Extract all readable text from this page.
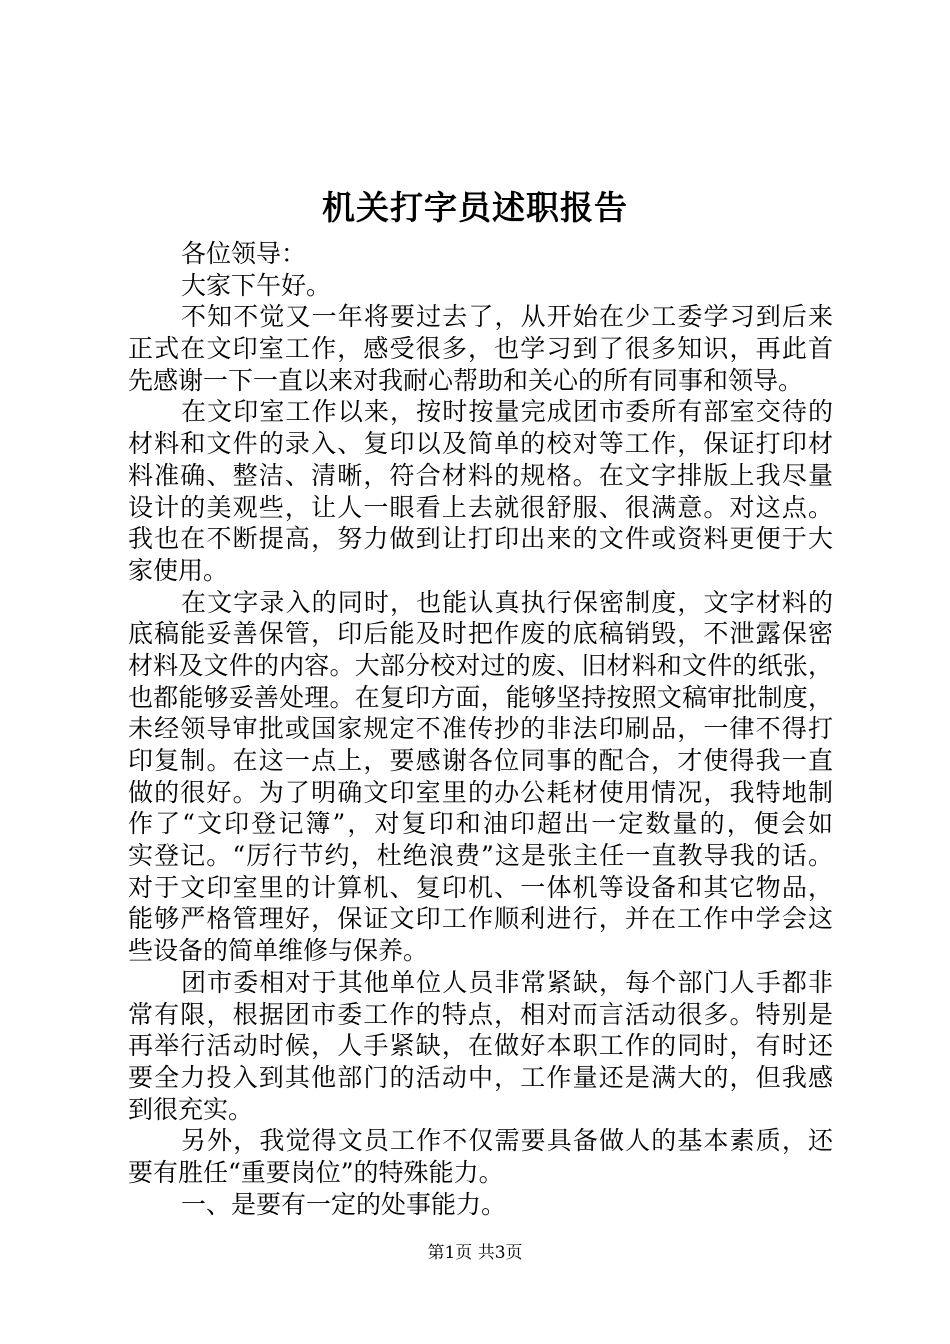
机关打字员述职报告
各位领导：
大家下午好。
不知不觉又一年将要过去了，从开始在少工委学习到后来
正式在文印室工作，感受很多，也学习到了很多知识，再此首
先感谢一下一直以来对我耐心帮助和关心的所有同事和领导。
在文印室工作以来，按时按量完成团市委所有部室交待的
材料和文件的录入、复印以及简单的校对等工作，保证打印材
料准确、整洁、清晰，符合材料的规格。在文字排版上我尽量
设计的美观些，让人一眼看上去就很舒服、很满意。对这点。
我也在不断提高，努力做到让打印出来的文件或资料更便于大
家使用。
在文字录入的同时，也能认真执行保密制度，文字材料的
底稿能妥善保管，印后能及时把作废的底稿销毁，不泄露保密
材料及文件的内容。大部分校对过的废、旧材料和文件的纸张，
也都能够妥善处理。在复印方面，能够坚持按照文稿审批制度，
未经领导审批或国家规定不准传抄的非法印刷品，一律不得打
印复制。在这一点上，要感谢各位同事的配合，才使得我一直
做的很好。为了明确文印室里的办公耗材使用情况，我特地制
作了“文印登记簿”，对复印和油印超出一定数量的，便会如
实登记。“厉行节约，杜绝浪费”这是张主任一直教导我的话。
对于文印室里的计算机、复印机、一体机等设备和其它物品，
能够严格管理好，保证文印工作顺利进行，并在工作中学会这
些设备的简单维修与保养。
团市委相对于其他单位人员非常紧缺，每个部门人手都非
常有限，根据团市委工作的特点，相对而言活动很多。特别是
再举行活动时候，人手紧缺，在做好本职工作的同时，有时还
要全力投入到其他部门的活动中，工作量还是满大的，但我感
到很充实。
另外，我觉得文员工作不仅需要具备做人的基本素质，还
要有胜任“重要岗位”的特殊能力。
一、是要有一定的处事能力。
第1页 共3页
